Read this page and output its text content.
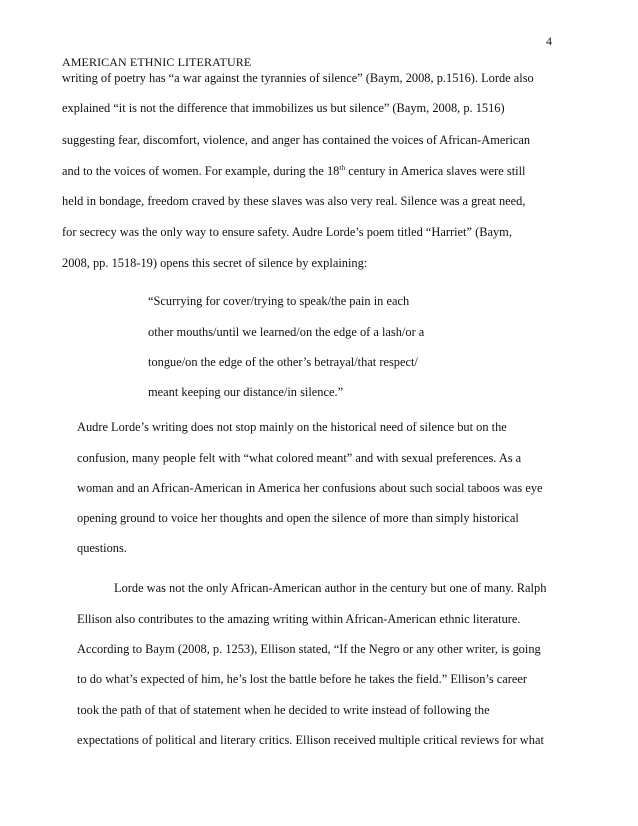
4
AMERICAN ETHNIC LITERATURE
writing of poetry has “a war against the tyrannies of silence” (Baym, 2008, p.1516). Lorde also
explained “it is not the difference that immobilizes us but silence” (Baym, 2008, p. 1516)
suggesting fear, discomfort, violence, and anger has contained the voices of African-American
and to the voices of women. For example, during the 18th century in America slaves were still
held in bondage, freedom craved by these slaves was also very real. Silence was a great need,
for secrecy was the only way to ensure safety. Audre Lorde’s poem titled “Harriet” (Baym,
2008, pp. 1518-19) opens this secret of silence by explaining:
“Scurrying for cover/trying to speak/the pain in each
other mouths/until we learned/on the edge of a lash/or a
tongue/on the edge of the other’s betrayal/that respect/
meant keeping our distance/in silence.”
Audre Lorde’s writing does not stop mainly on the historical need of silence but on the
confusion, many people felt with “what colored meant” and with sexual preferences. As a
woman and an African-American in America her confusions about such social taboos was eye
opening ground to voice her thoughts and open the silence of more than simply historical
questions.
Lorde was not the only African-American author in the century but one of many. Ralph
Ellison also contributes to the amazing writing within African-American ethnic literature.
According to Baym (2008, p. 1253), Ellison stated, “If the Negro or any other writer, is going
to do what’s expected of him, he’s lost the battle before he takes the field.” Ellison’s career
took the path of that of statement when he decided to write instead of following the
expectations of political and literary critics. Ellison received multiple critical reviews for what
